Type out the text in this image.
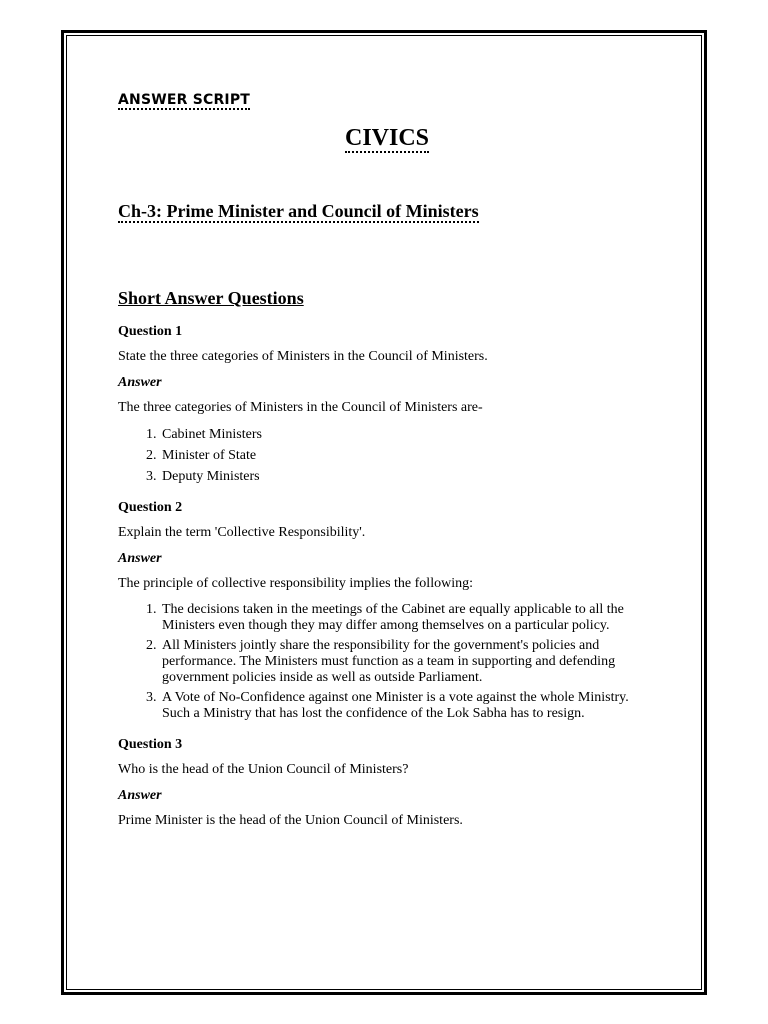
ANSWER SCRIPT
CIVICS
Ch-3: Prime Minister and Council of Ministers
Short Answer Questions
Question 1
State the three categories of Ministers in the Council of Ministers.
Answer
The three categories of Ministers in the Council of Ministers are-
1. Cabinet Ministers
2. Minister of State
3. Deputy Ministers
Question 2
Explain the term 'Collective Responsibility'.
Answer
The principle of collective responsibility implies the following:
1. The decisions taken in the meetings of the Cabinet are equally applicable to all the Ministers even though they may differ among themselves on a particular policy.
2. All Ministers jointly share the responsibility for the government's policies and performance. The Ministers must function as a team in supporting and defending government policies inside as well as outside Parliament.
3. A Vote of No-Confidence against one Minister is a vote against the whole Ministry. Such a Ministry that has lost the confidence of the Lok Sabha has to resign.
Question 3
Who is the head of the Union Council of Ministers?
Answer
Prime Minister is the head of the Union Council of Ministers.
